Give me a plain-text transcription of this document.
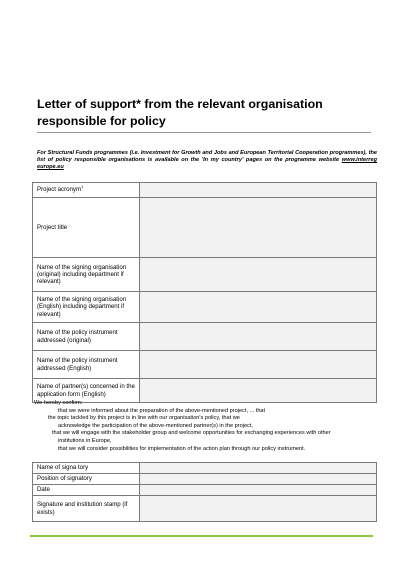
Letter of support* from the relevant organisation responsible for policy
For Structural Funds programmes (i.e. Investment for Growth and Jobs and European Territorial Cooperation programmes), the list of policy responsible organisations is available on the 'In my country' pages on the programme website www.interreg europe.eu
Project acronym$^1$	
Project title	
Name of the signing organisation (original) including department if relevant)	
Name of the signing organisation (English) including department if relevant)	
Name of the policy instrument addressed (original)	
Name of the policy instrument addressed (English)	
Name of partner(s) concerned in the application form (English)	
We hereby confirm:
that we were informed about the preparation of the above-mentioned project, ... that
the topic tackled by this project is in line with our organisation's policy, that we
acknowledge the participation of the above-mentioned partner(s) in the project,
that we will engage with the stakeholder group and welcome opportunities for exchanging experiences with other
institutions in Europe,
that we will consider possibilities for implementation of the action plan through our policy instrument.
Name of signa tory	
Position of signatory	
Date	
Signature and institution stamp (if exists)	
